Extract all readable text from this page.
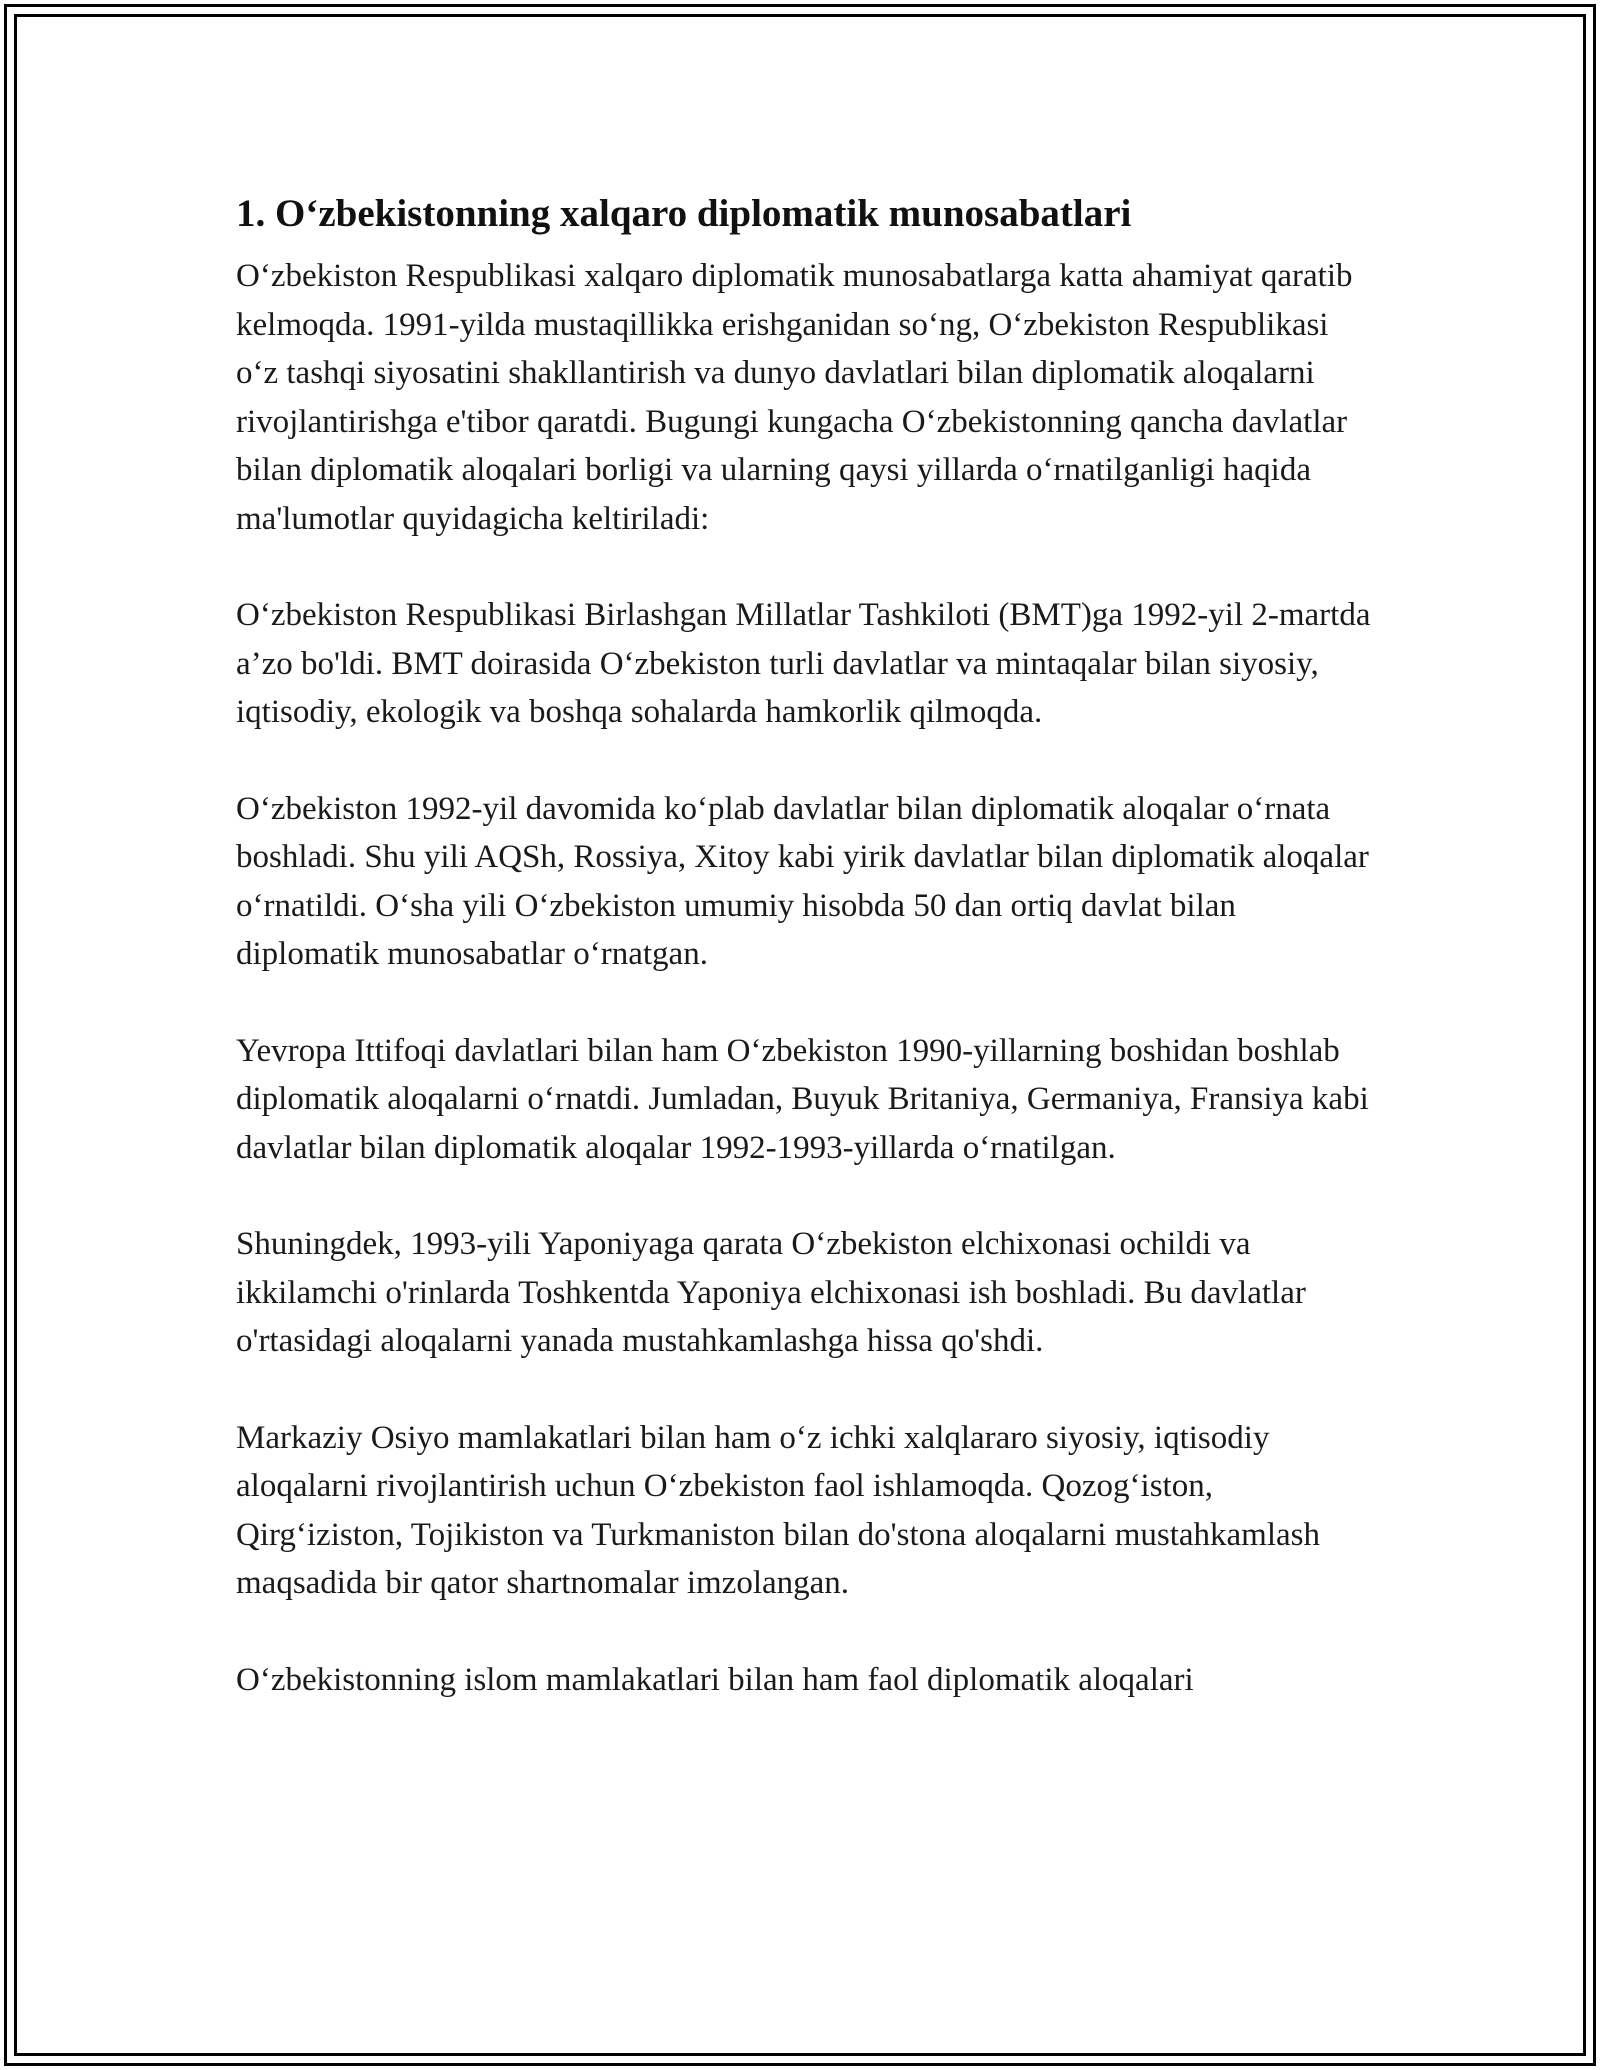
1. O‘zbekistonning xalqaro diplomatik munosabatlari

O‘zbekiston Respublikasi xalqaro diplomatik munosabatlarga katta ahamiyat qaratib kelmoqda. 1991-yilda mustaqillikka erishganidan so‘ng, O‘zbekiston Respublikasi o‘z tashqi siyosatini shakllantirish va dunyo davlatlari bilan diplomatik aloqalarni rivojlantirishga e'tibor qaratdi. Bugungi kungacha O‘zbekistonning qancha davlatlar bilan diplomatik aloqalari borligi va ularning qaysi yillarda o‘rnatilganligi haqida ma'lumotlar quyidagicha keltiriladi:

O‘zbekiston Respublikasi Birlashgan Millatlar Tashkiloti (BMT)ga 1992-yil 2-martda a’zo bo'ldi. BMT doirasida O‘zbekiston turli davlatlar va mintaqalar bilan siyosiy, iqtisodiy, ekologik va boshqa sohalarda hamkorlik qilmoqda.

O‘zbekiston 1992-yil davomida ko‘plab davlatlar bilan diplomatik aloqalar o‘rnata boshladi. Shu yili AQSh, Rossiya, Xitoy kabi yirik davlatlar bilan diplomatik aloqalar o‘rnatildi. O‘sha yili O‘zbekiston umumiy hisobda 50 dan ortiq davlat bilan diplomatik munosabatlar o‘rnatgan.

Yevropa Ittifoqi davlatlari bilan ham O‘zbekiston 1990-yillarning boshidan boshlab diplomatik aloqalarni o‘rnatdi. Jumladan, Buyuk Britaniya, Germaniya, Fransiya kabi davlatlar bilan diplomatik aloqalar 1992-1993-yillarda o‘rnatilgan.

Shuningdek, 1993-yili Yaponiyaga qarata O‘zbekiston elchixonasi ochildi va ikkilamchi o'rinlarda Toshkentda Yaponiya elchixonasi ish boshladi. Bu davlatlar o'rtasidagi aloqalarni yanada mustahkamlashga hissa qo'shdi.

Markaziy Osiyo mamlakatlari bilan ham o‘z ichki xalqlararo siyosiy, iqtisodiy aloqalarni rivojlantirish uchun O‘zbekiston faol ishlamoqda. Qozog‘iston, Qirg‘iziston, Tojikiston va Turkmaniston bilan do'stona aloqalarni mustahkamlash maqsadida bir qator shartnomalar imzolangan.

O‘zbekistonning islom mamlakatlari bilan ham faol diplomatik aloqalari
